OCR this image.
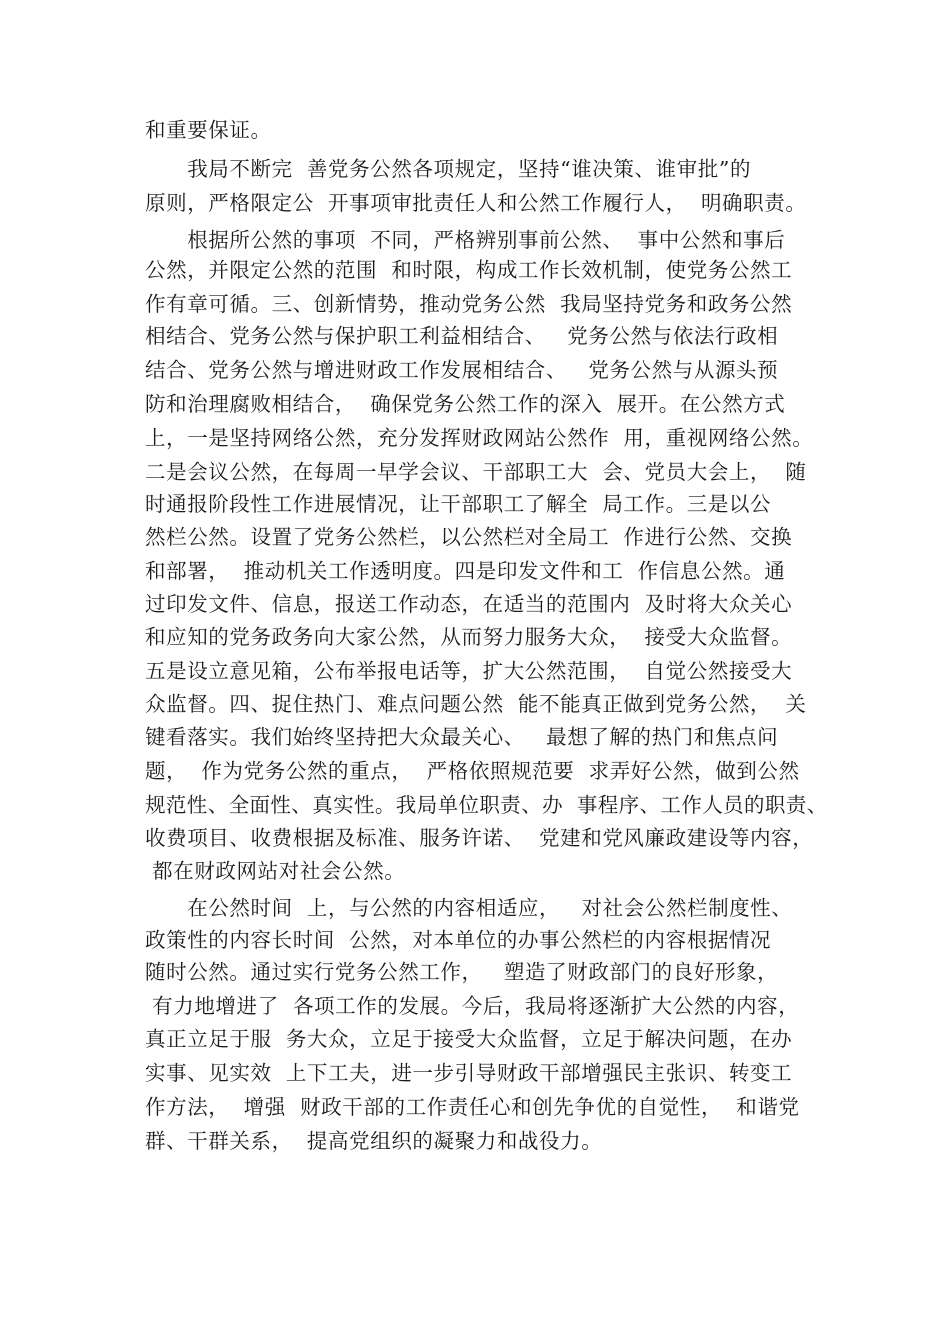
和重要保证。
　　我局不断完  善党务公然各项规定，坚持“谁决策、谁审批”的
原则，严格限定公  开事项审批责任人和公然工作履行人，  明确职责。
　　根据所公然的事项  不同，严格辨别事前公然、  事中公然和事后
公然，并限定公然的范围  和时限，构成工作长效机制，使党务公然工
作有章可循。三、创新情势，推动党务公然  我局坚持党务和政务公然
相结合、党务公然与保护职工利益相结合、   党务公然与依法行政相
结合、党务公然与增进财政工作发展相结合、   党务公然与从源头预
防和治理腐败相结合，  确保党务公然工作的深入  展开。在公然方式
上，一是坚持网络公然，充分发挥财政网站公然作  用，重视网络公然。
二是会议公然，在每周一早学会议、干部职工大  会、党员大会上，  随
时通报阶段性工作进展情况，让干部职工了解全  局工作。三是以公
然栏公然。设置了党务公然栏，以公然栏对全局工  作进行公然、交换
和部署，  推动机关工作透明度。四是印发文件和工  作信息公然。通
过印发文件、信息，报送工作动态，在适当的范围内  及时将大众关心
和应知的党务政务向大家公然，从而努力服务大众，  接受大众监督。
五是设立意见箱，公布举报电话等，扩大公然范围，  自觉公然接受大
众监督。四、捉住热门、难点问题公然  能不能真正做到党务公然，  关
键看落实。我们始终坚持把大众最关心、   最想了解的热门和焦点问
题，  作为党务公然的重点，  严格依照规范要  求弄好公然，做到公然
规范性、全面性、真实性。我局单位职责、办  事程序、工作人员的职责、
收费项目、收费根据及标准、服务许诺、  党建和党风廉政建设等内容，
都在财政网站对社会公然。
　　在公然时间  上，与公然的内容相适应，   对社会公然栏制度性、
政策性的内容长时间  公然，对本单位的办事公然栏的内容根据情况
随时公然。通过实行党务公然工作，   塑造了财政部门的良好形象，
有力地增进了  各项工作的发展。今后，我局将逐渐扩大公然的内容，
真正立足于服  务大众，立足于接受大众监督，立足于解决问题，在办
实事、见实效  上下工夫，进一步引导财政干部增强民主张识、转变工
作方法，  增强  财政干部的工作责任心和创先争优的自觉性，  和谐党
群、干群关系，  提高党组织的凝聚力和战役力。
